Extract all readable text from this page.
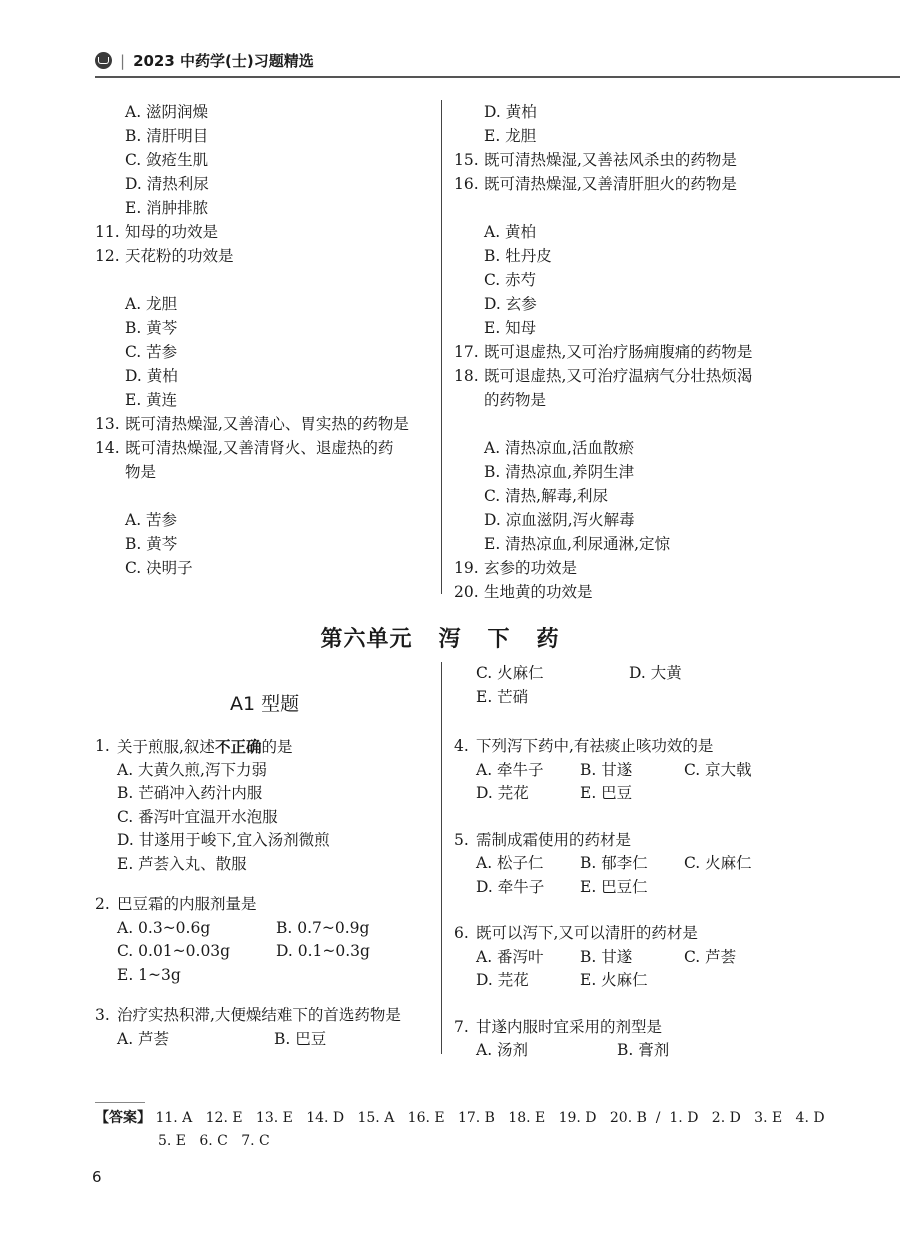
| 2023 中药学(士)习题精选
A. 滋阴润燥
B. 清肝明目
C. 敛疮生肌
D. 清热利尿
E. 消肿排脓
11. 知母的功效是
12. 天花粉的功效是
A. 龙胆
B. 黄芩
C. 苦参
D. 黄柏
E. 黄连
13. 既可清热燥湿,又善清心、胃实热的药物是
14. 既可清热燥湿,又善清肾火、退虚热的药
物是
A. 苦参
B. 黄芩
C. 决明子
D. 黄柏
E. 龙胆
15. 既可清热燥湿,又善祛风杀虫的药物是
16. 既可清热燥湿,又善清肝胆火的药物是
A. 黄柏
B. 牡丹皮
C. 赤芍
D. 玄参
E. 知母
17. 既可退虚热,又可治疗肠痈腹痛的药物是
18. 既可退虚热,又可治疗温病气分壮热烦渴
的药物是
A. 清热凉血,活血散瘀
B. 清热凉血,养阴生津
C. 清热,解毒,利尿
D. 凉血滋阴,泻火解毒
E. 清热凉血,利尿通淋,定惊
19. 玄参的功效是
20. 生地黄的功效是
第六单元 泻 下 药
A1 型题
1. 关于煎服,叙述不正确的是
A. 大黄久煎,泻下力弱
B. 芒硝冲入药汁内服
C. 番泻叶宜温开水泡服
D. 甘遂用于峻下,宜入汤剂微煎
E. 芦荟入丸、散服
2. 巴豆霜的内服剂量是
A. 0.3~0.6g	B. 0.7~0.9g
C. 0.01~0.03g	D. 0.1~0.3g
E. 1~3g
3. 治疗实热积滞,大便燥结难下的首选药物是
A. 芦荟	B. 巴豆
C. 火麻仁	D. 大黄
E. 芒硝
4. 下列泻下药中,有祛痰止咳功效的是
A. 牵牛子	B. 甘遂	C. 京大戟
D. 芫花	E. 巴豆
5. 需制成霜使用的药材是
A. 松子仁	B. 郁李仁	C. 火麻仁
D. 牵牛子	E. 巴豆仁
6. 既可以泻下,又可以清肝的药材是
A. 番泻叶	B. 甘遂	C. 芦荟
D. 芫花	E. 火麻仁
7. 甘遂内服时宜采用的剂型是
A. 汤剂	B. 膏剂
【答案】 11. A   12. E   13. E   14. D   15. A   16. E   17. B   18. E   19. D   20. B  /  1. D   2. D   3. E   4. D
5. E   6. C   7. C
6
